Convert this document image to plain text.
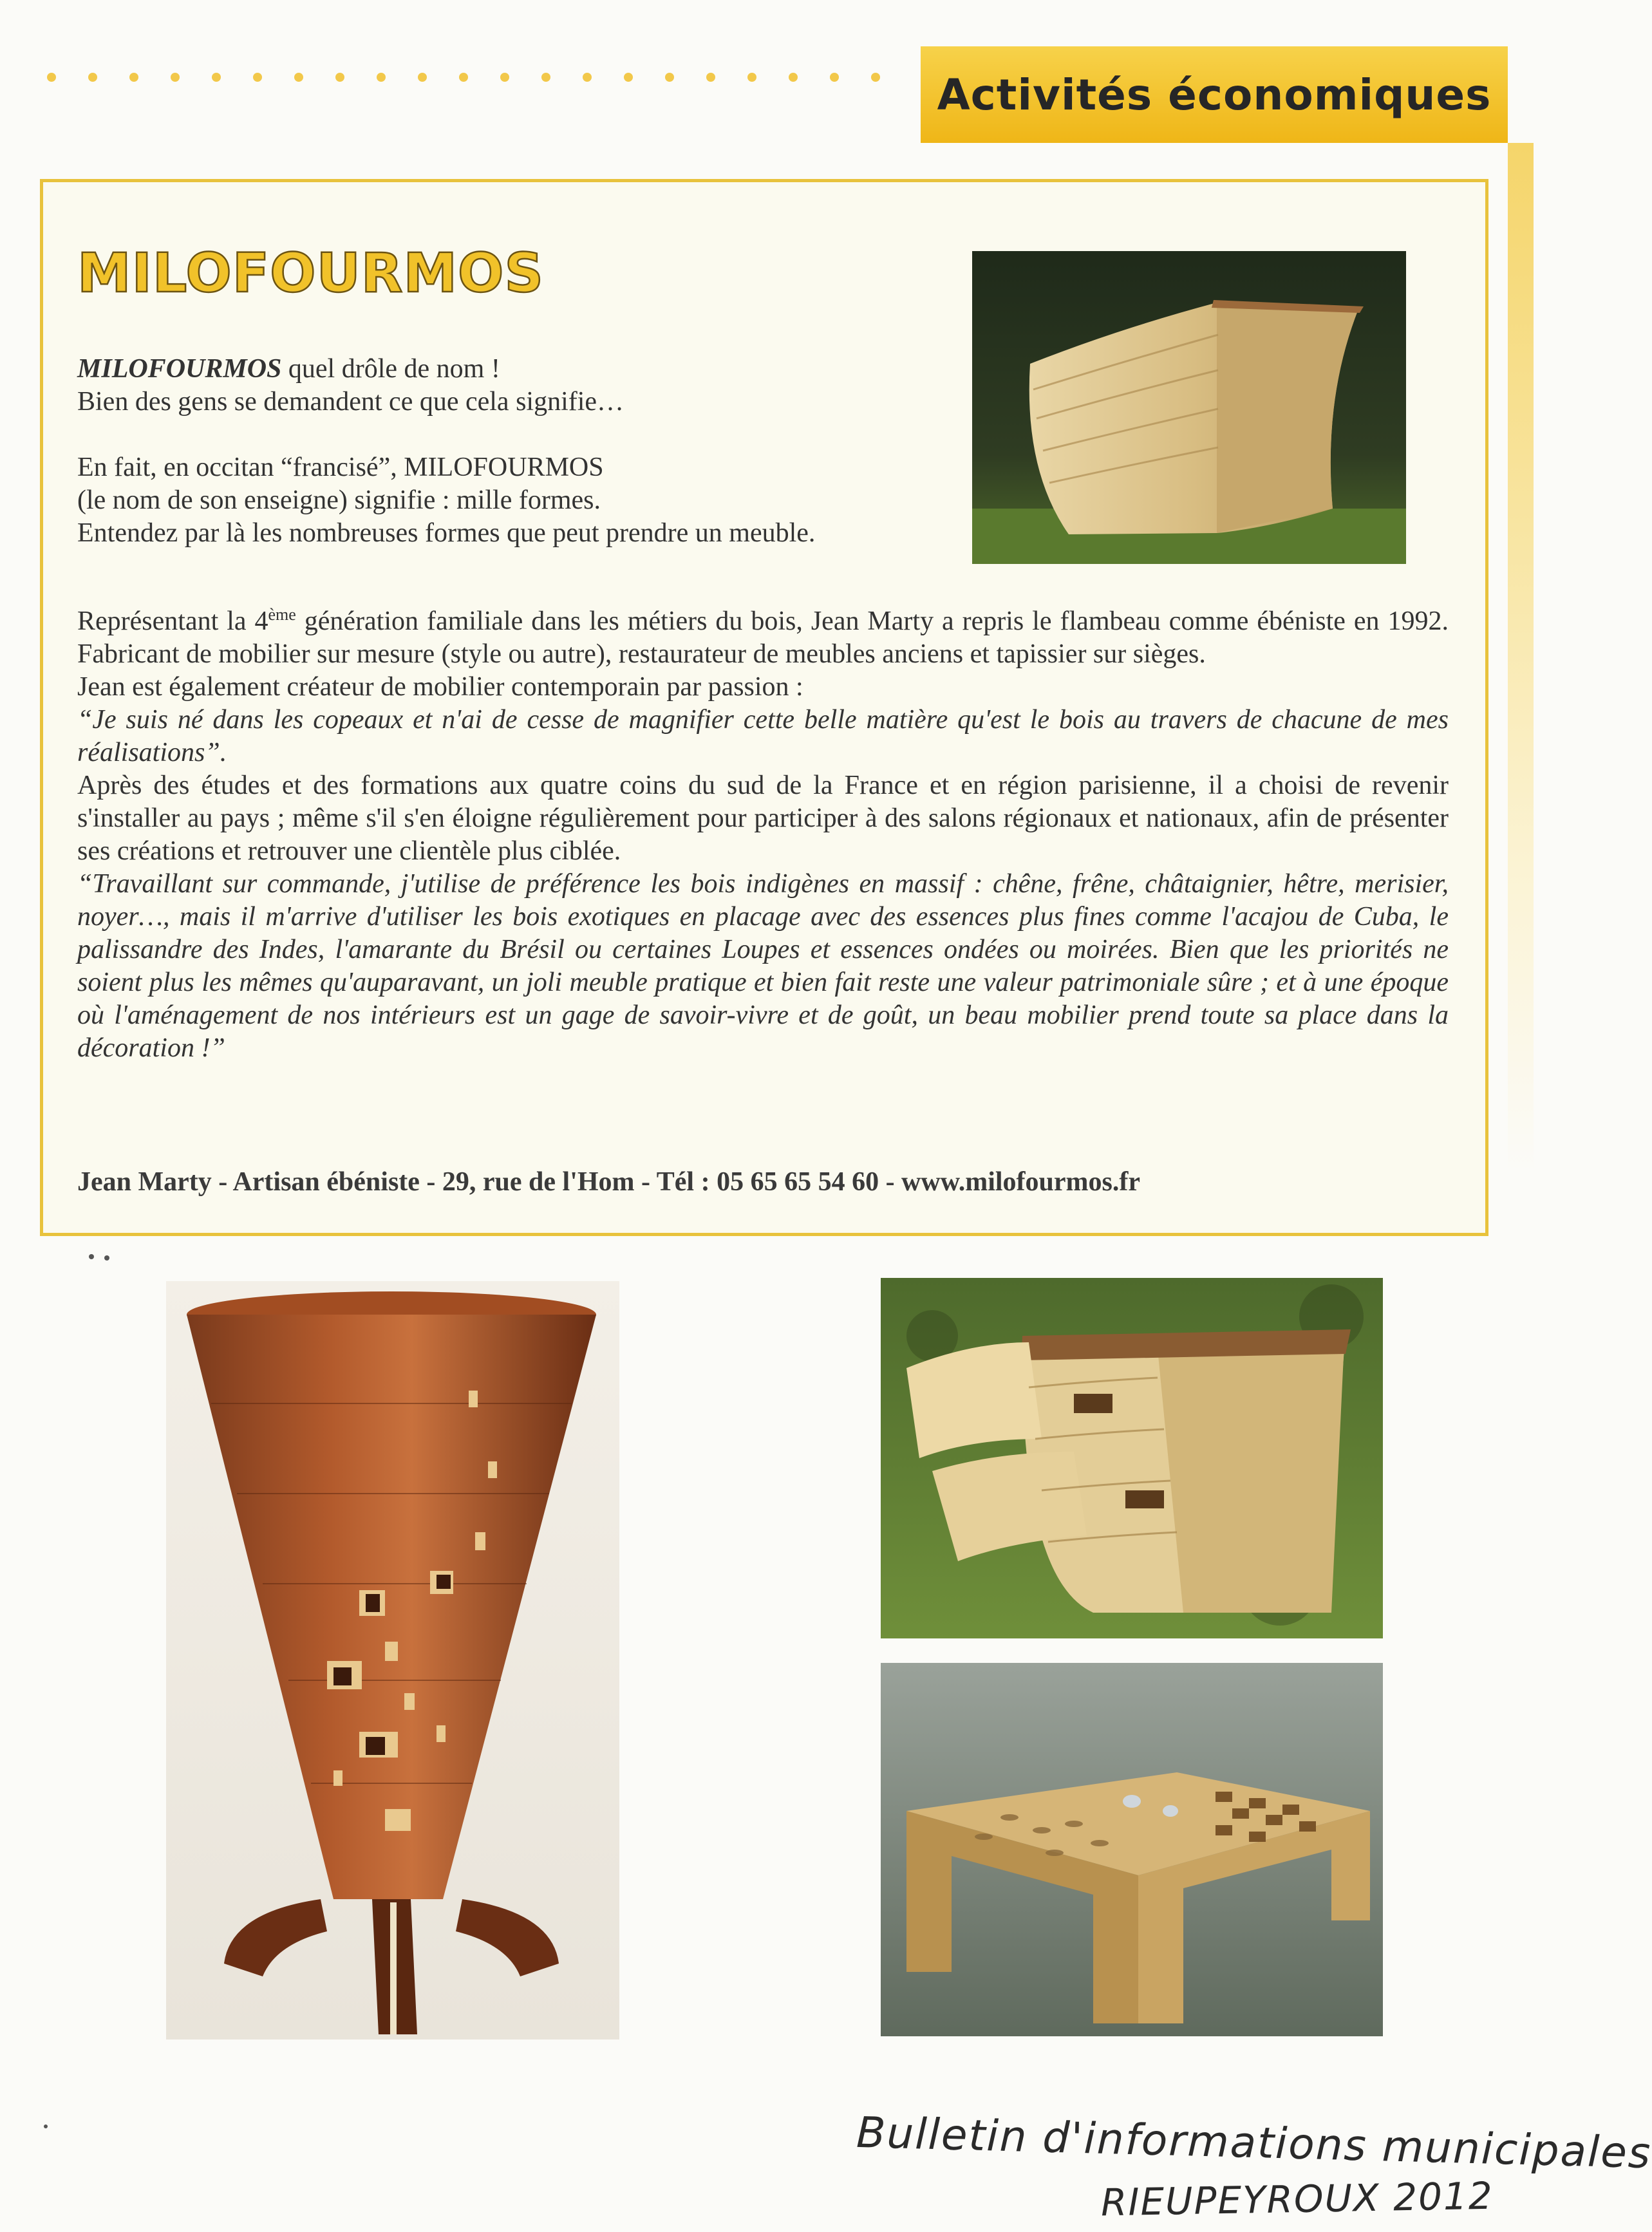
Activités économiques
MILOFOURMOS

MILOFOURMOS quel drôle de nom !

Bien des gens se demandent ce que cela signifie…

En fait, en occitan “francisé”, MILOFOURMOS

(le nom de son enseigne) signifie : mille formes.

Entendez par là les nombreuses formes que peut prendre un meuble.

Représentant la 4ème génération familiale dans les métiers du bois, Jean Marty a repris le flambeau comme ébéniste en 1992. Fabricant de mobilier sur mesure (style ou autre), restaurateur de meubles anciens et tapissier sur sièges.

Jean est également créateur de mobilier contemporain par passion :

“Je suis né dans les copeaux et n'ai de cesse de magnifier cette belle matière qu'est le bois au travers de chacune de mes réalisations”.

Après des études et des formations aux quatre coins du sud de la France et en région parisienne, il a choisi de revenir s'installer au pays ; même s'il s'en éloigne régulièrement pour participer à des salons régionaux et nationaux, afin de présenter ses créations et retrouver une clientèle plus ciblée.

“Travaillant sur commande, j'utilise de préférence les bois indigènes en massif : chêne, frêne, châtaignier, hêtre, merisier, noyer…, mais il m'arrive d'utiliser les bois exotiques en placage avec des essences plus fines comme l'acajou de Cuba, le palissandre des Indes, l'amarante du Brésil ou certaines Loupes et essences ondées ou moirées. Bien que les priorités ne soient plus les mêmes qu'auparavant, un joli meuble pratique et bien fait reste une valeur patrimoniale sûre ; et à une époque où l'aménagement de nos intérieurs est un gage de savoir-vivre et de goût, un beau mobilier prend toute sa place dans la décoration !”

Jean Marty - Artisan ébéniste - 29, rue de l'Hom - Tél : 05 65 65 54 60 - www.milofourmos.fr
Bulletin d'informations municipales
RIEUPEYROUX 2012
